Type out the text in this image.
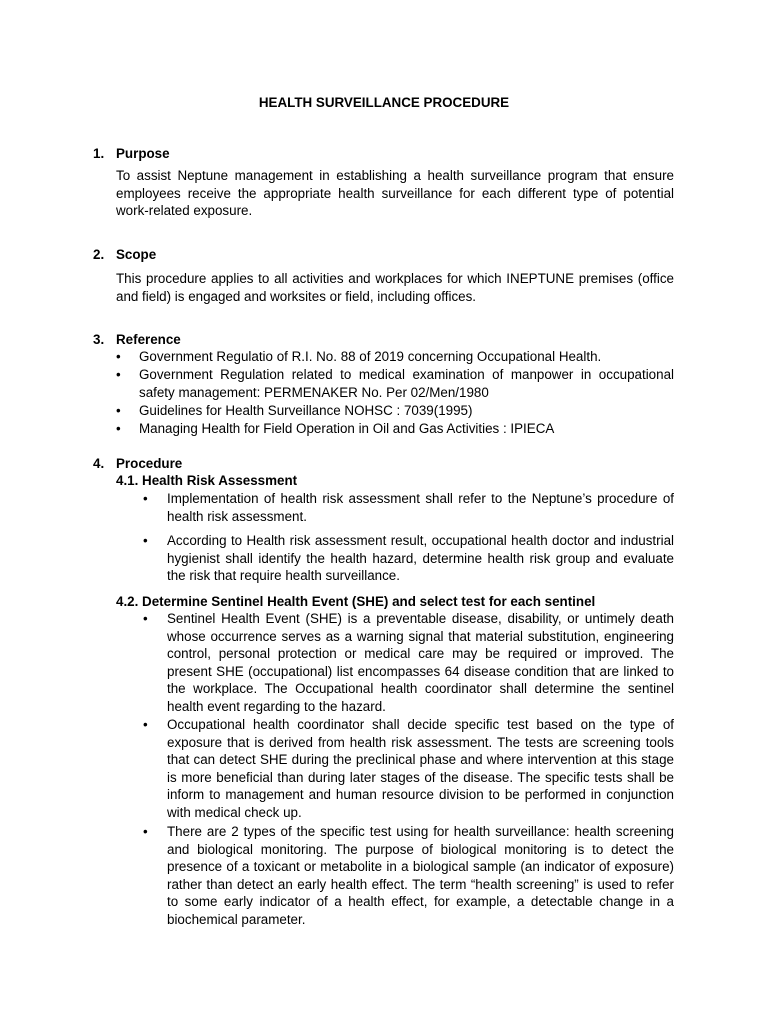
HEALTH SURVEILLANCE PROCEDURE
1. Purpose
To assist Neptune management in establishing a health surveillance program that ensure employees receive the appropriate health surveillance for each different type of potential work-related exposure.
2. Scope
This procedure applies to all activities and workplaces for which INEPTUNE premises (office and field) is engaged and worksites or field, including offices.
3. Reference
• Government Regulatio of R.I. No. 88 of 2019 concerning Occupational Health.
• Government Regulation related to medical examination of manpower in occupational safety management: PERMENAKER No. Per 02/Men/1980
• Guidelines for Health Surveillance NOHSC : 7039(1995)
• Managing Health for Field Operation in Oil and Gas Activities : IPIECA
4. Procedure
4.1. Health Risk Assessment
• Implementation of health risk assessment shall refer to the Neptune’s procedure of health risk assessment.
• According to Health risk assessment result, occupational health doctor and industrial hygienist shall identify the health hazard, determine health risk group and evaluate the risk that require health surveillance.
4.2. Determine Sentinel Health Event (SHE) and select test for each sentinel
• Sentinel Health Event (SHE) is a preventable disease, disability, or untimely death whose occurrence serves as a warning signal that material substitution, engineering control, personal protection or medical care may be required or improved. The present SHE (occupational) list encompasses 64 disease condition that are linked to the workplace. The Occupational health coordinator shall determine the sentinel health event regarding to the hazard.
• Occupational health coordinator shall decide specific test based on the type of exposure that is derived from health risk assessment. The tests are screening tools that can detect SHE during the preclinical phase and where intervention at this stage is more beneficial than during later stages of the disease. The specific tests shall be inform to management and human resource division to be performed in conjunction with medical check up.
• There are 2 types of the specific test using for health surveillance: health screening and biological monitoring. The purpose of biological monitoring is to detect the presence of a toxicant or metabolite in a biological sample (an indicator of exposure) rather than detect an early health effect. The term “health screening” is used to refer to some early indicator of a health effect, for example, a detectable change in a biochemical parameter.
